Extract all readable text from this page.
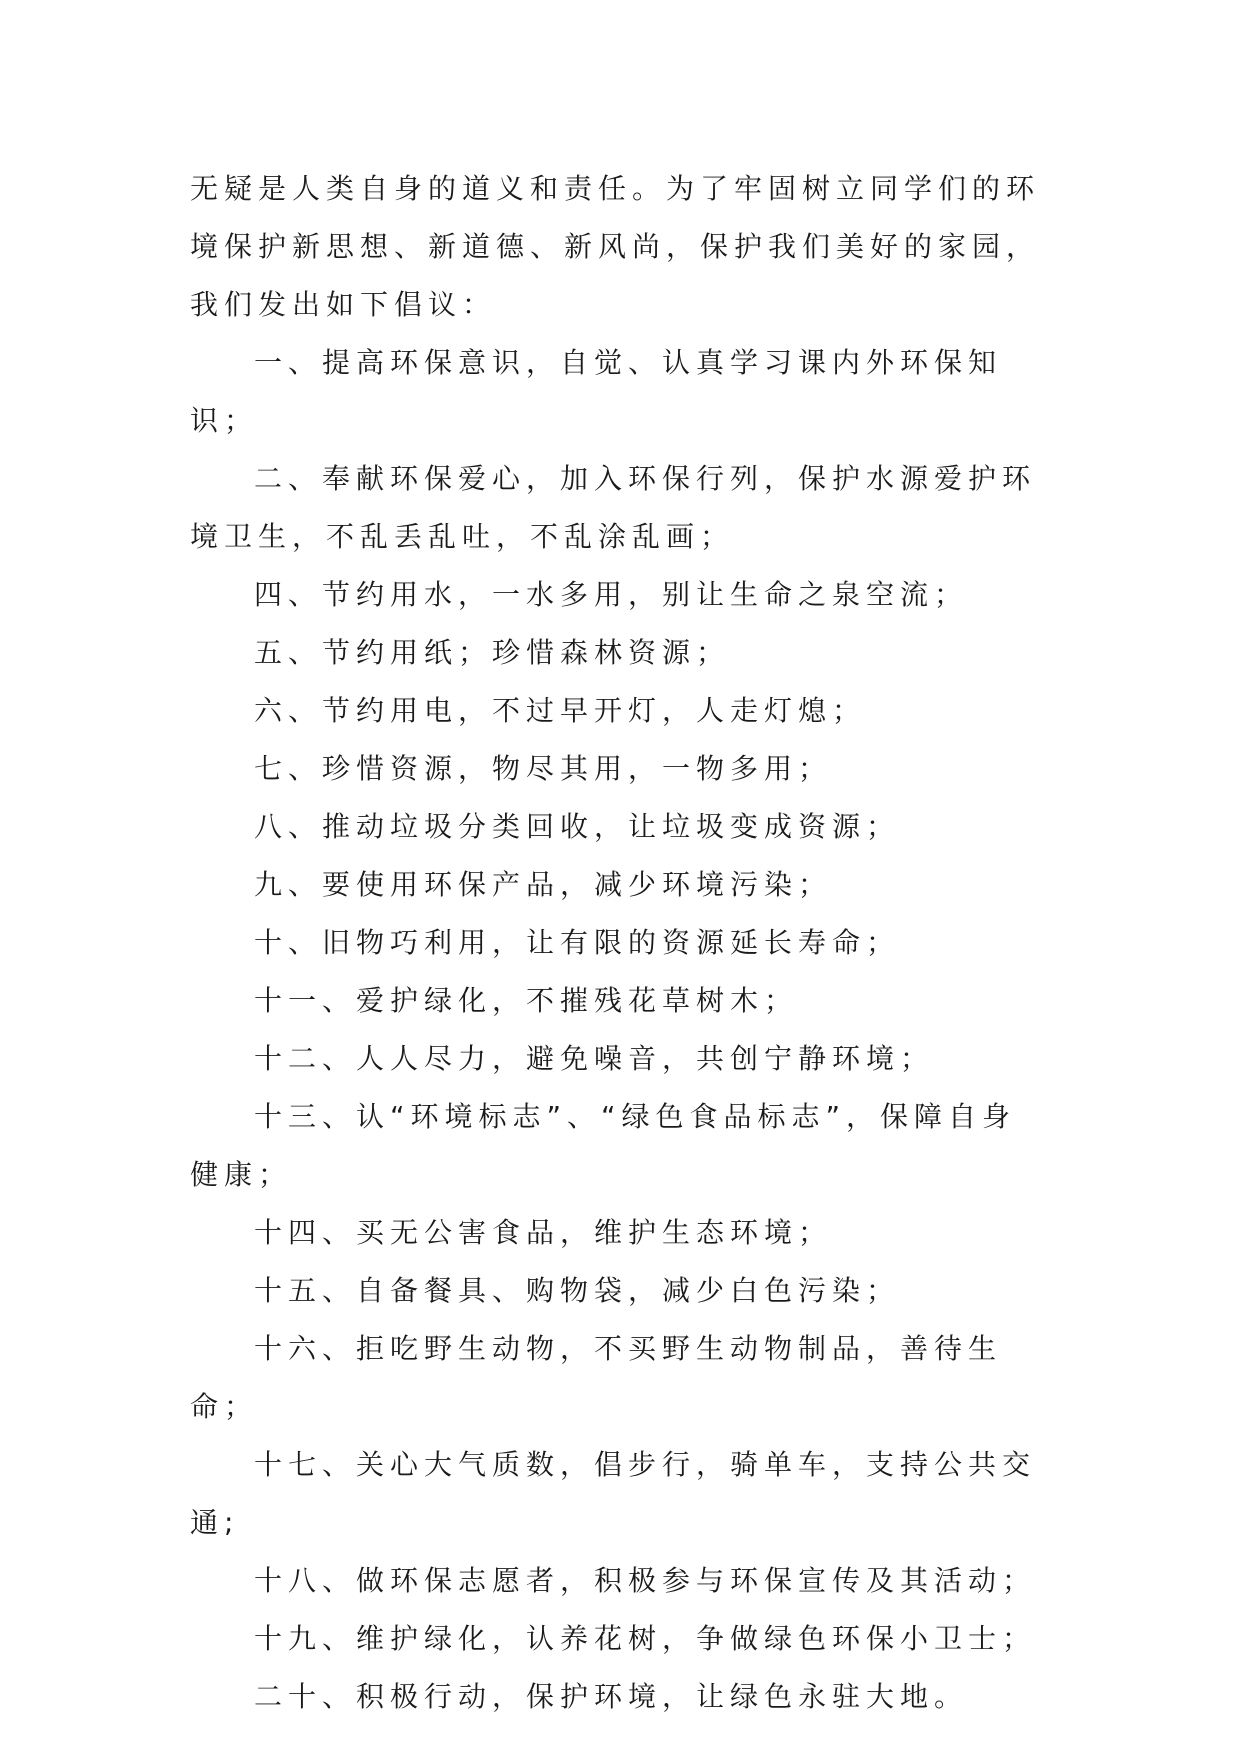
无疑是人类自身的道义和责任。为了牢固树立同学们的环境保护新思想、新道德、新风尚，保护我们美好的家园，我们发出如下倡议：

一、提高环保意识，自觉、认真学习课内外环保知识；

二、奉献环保爱心，加入环保行列，保护水源爱护环境卫生，不乱丢乱吐，不乱涂乱画；

四、节约用水，一水多用，别让生命之泉空流；

五、节约用纸；珍惜森林资源；

六、节约用电，不过早开灯，人走灯熄；

七、珍惜资源，物尽其用，一物多用；

八、推动垃圾分类回收，让垃圾变成资源；

九、要使用环保产品，减少环境污染；

十、旧物巧利用，让有限的资源延长寿命；

十一、爱护绿化，不摧残花草树木；

十二、人人尽力，避免噪音，共创宁静环境；

十三、认“环境标志”、“绿色食品标志”，保障自身健康；

十四、买无公害食品，维护生态环境；

十五、自备餐具、购物袋，减少白色污染；

十六、拒吃野生动物，不买野生动物制品，善待生命；

十七、关心大气质数，倡步行，骑单车，支持公共交通;

十八、做环保志愿者，积极参与环保宣传及其活动；

十九、维护绿化，认养花树，争做绿色环保小卫士；

二十、积极行动，保护环境，让绿色永驻大地。
